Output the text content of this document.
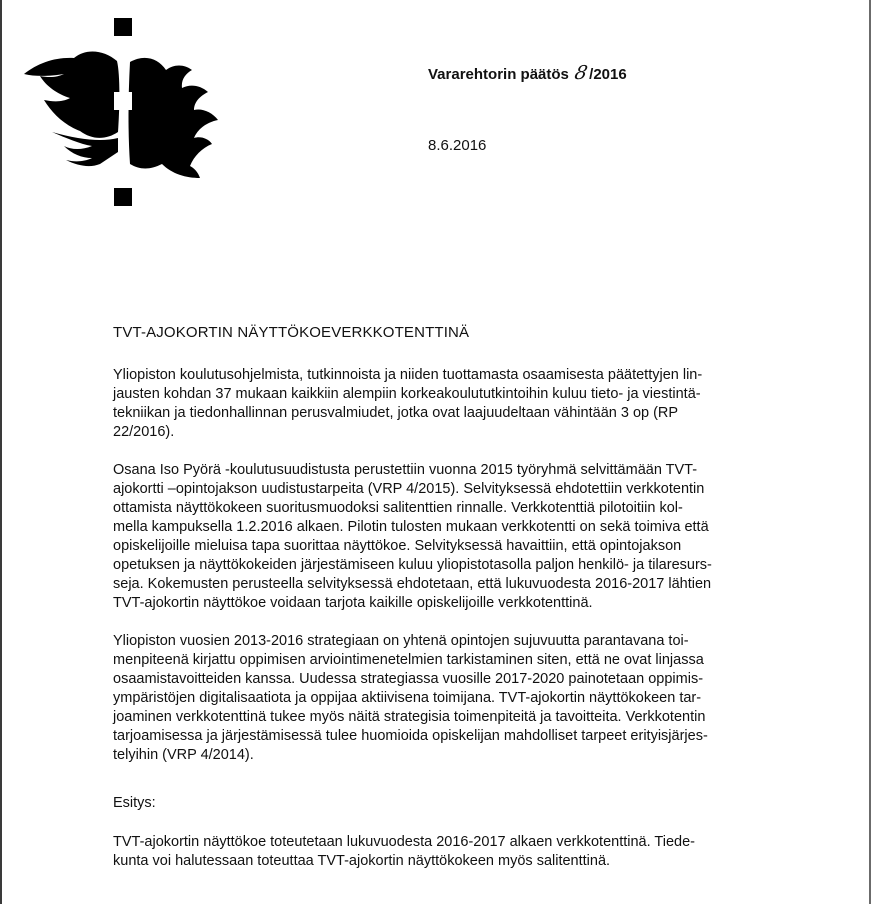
Vararehtorin päätös 8/2016
8.6.2016
TVT-AJOKORTIN NÄYTTÖKOEVERKKOTENTTINÄ
Yliopiston koulutusohjelmista, tutkinnoista ja niiden tuottamasta osaamisesta päätettyjen lin-
jausten kohdan 37 mukaan kaikkiin alempiin korkeakoulututkintoihin kuluu tieto- ja viestintä-
tekniikan ja tiedonhallinnan perusvalmiudet, jotka ovat laajuudeltaan vähintään 3 op (RP
22/2016).
Osana Iso Pyörä -koulutusuudistusta perustettiin vuonna 2015 työryhmä selvittämään TVT-
ajokortti –opintojakson uudistustarpeita (VRP 4/2015). Selvityksessä ehdotettiin verkkotentin
ottamista näyttökokeen suoritusmuodoksi salitenttien rinnalle. Verkkotenttiä pilotoitiin kol-
mella kampuksella 1.2.2016 alkaen. Pilotin tulosten mukaan verkkotentti on sekä toimiva että
opiskelijoille mieluisa tapa suorittaa näyttökoe. Selvityksessä havaittiin, että opintojakson
opetuksen ja näyttökokeiden järjestämiseen kuluu yliopistotasolla paljon henkilö- ja tilaresurs-
seja. Kokemusten perusteella selvityksessä ehdotetaan, että lukuvuodesta 2016-2017 lähtien
TVT-ajokortin näyttökoe voidaan tarjota kaikille opiskelijoille verkkotenttinä.
Yliopiston vuosien 2013-2016 strategiaan on yhtenä opintojen sujuvuutta parantavana toi-
menpiteenä kirjattu oppimisen arviointimenetelmien tarkistaminen siten, että ne ovat linjassa
osaamistavoitteiden kanssa. Uudessa strategiassa vuosille 2017-2020 painotetaan oppimis-
ympäristöjen digitalisaatiota ja oppijaa aktiivisena toimijana. TVT-ajokortin näyttökokeen tar-
joaminen verkkotenttinä tukee myös näitä strategisia toimenpiteitä ja tavoitteita. Verkkotentin
tarjoamisessa ja järjestämisessä tulee huomioida opiskelijan mahdolliset tarpeet erityisjärjes-
telyihin (VRP 4/2014).
Esitys:
TVT-ajokortin näyttökoe toteutetaan lukuvuodesta 2016-2017 alkaen verkkotenttinä. Tiede-
kunta voi halutessaan toteuttaa TVT-ajokortin näyttökokeen myös salitenttinä.
